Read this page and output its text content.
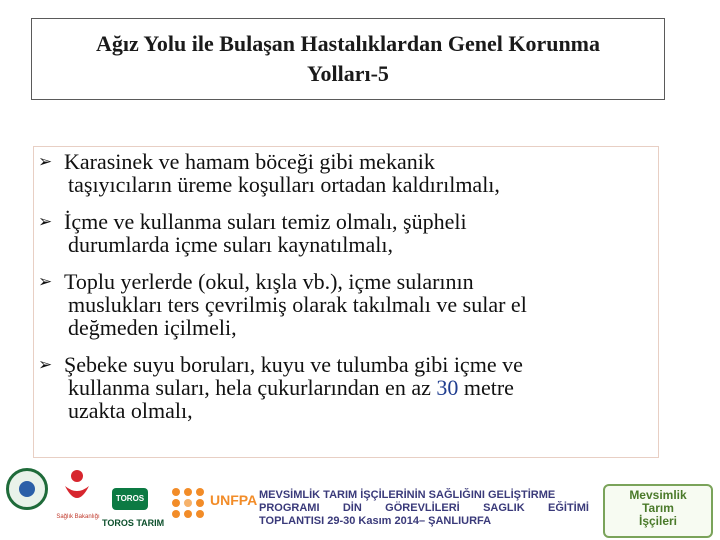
Ağız Yolu ile Bulaşan Hastalıklardan Genel Korunma
Yolları-5
➢ Karasinek ve hamam böceği gibi mekanik
taşıyıcıların üreme koşulları ortadan kaldırılmalı,
➢ İçme ve kullanma suları temiz olmalı, şüpheli
durumlarda içme suları kaynatılmalı,
➢ Toplu yerlerde (okul, kışla vb.), içme sularının
muslukları ters çevrilmiş olarak takılmalı ve sular el
değmeden içilmeli,
➢ Şebeke suyu boruları, kuyu ve tulumba gibi içme ve
kullanma suları, hela çukurlarından en az 30 metre
uzakta olmalı,
Sağlık Bakanlığı
TOROS
TOROS TARIM
UNFPA MEVSİMLİK TARIM İŞÇİLERİNİN SAĞLIĞINI GELİŞTİRME
PROGRAMI DİN GÖREVLİLERİ SAGLIK EĞİTİMİ
TOPLANTISI 29-30 Kasım 2014– ŞANLIURFA
Mevsimlik
Tarım
İşçileri
